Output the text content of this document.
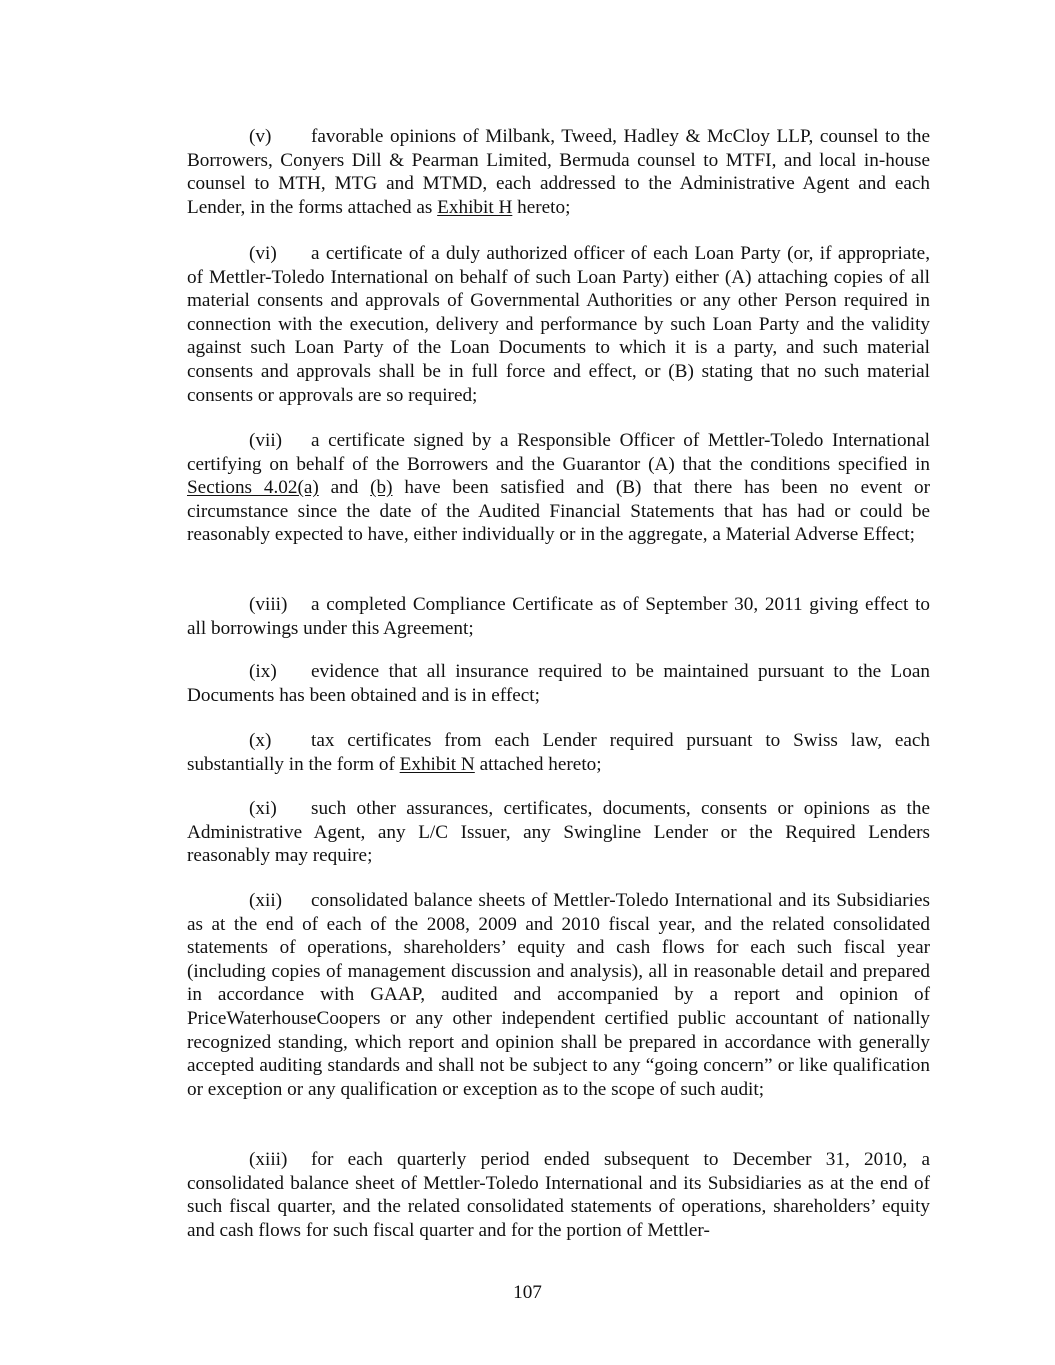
(v) favorable opinions of Milbank, Tweed, Hadley & McCloy LLP, counsel to the Borrowers, Conyers Dill & Pearman Limited, Bermuda counsel to MTFI, and local in-house counsel to MTH, MTG and MTMD, each addressed to the Administrative Agent and each Lender, in the forms attached as Exhibit H hereto;

(vi) a certificate of a duly authorized officer of each Loan Party (or, if appropriate, of Mettler-Toledo International on behalf of such Loan Party) either (A) attaching copies of all material consents and approvals of Governmental Authorities or any other Person required in connection with the execution, delivery and performance by such Loan Party and the validity against such Loan Party of the Loan Documents to which it is a party, and such material consents and approvals shall be in full force and effect, or (B) stating that no such material consents or approvals are so required;

(vii) a certificate signed by a Responsible Officer of Mettler-Toledo International certifying on behalf of the Borrowers and the Guarantor (A) that the conditions specified in Sections 4.02(a) and (b) have been satisfied and (B) that there has been no event or circumstance since the date of the Audited Financial Statements that has had or could be reasonably expected to have, either individually or in the aggregate, a Material Adverse Effect;

(viii) a completed Compliance Certificate as of September 30, 2011 giving effect to all borrowings under this Agreement;

(ix) evidence that all insurance required to be maintained pursuant to the Loan Documents has been obtained and is in effect;

(x) tax certificates from each Lender required pursuant to Swiss law, each substantially in the form of Exhibit N attached hereto;

(xi) such other assurances, certificates, documents, consents or opinions as the Administrative Agent, any L/C Issuer, any Swingline Lender or the Required Lenders reasonably may require;

(xii) consolidated balance sheets of Mettler-Toledo International and its Subsidiaries as at the end of each of the 2008, 2009 and 2010 fiscal year, and the related consolidated statements of operations, shareholders’ equity and cash flows for each such fiscal year (including copies of management discussion and analysis), all in reasonable detail and prepared in accordance with GAAP, audited and accompanied by a report and opinion of PriceWaterhouseCoopers or any other independent certified public accountant of nationally recognized standing, which report and opinion shall be prepared in accordance with generally accepted auditing standards and shall not be subject to any “going concern” or like qualification or exception or any qualification or exception as to the scope of such audit;

(xiii) for each quarterly period ended subsequent to December 31, 2010, a consolidated balance sheet of Mettler-Toledo International and its Subsidiaries as at the end of such fiscal quarter, and the related consolidated statements of operations, shareholders’ equity and cash flows for such fiscal quarter and for the portion of Mettler-

107
